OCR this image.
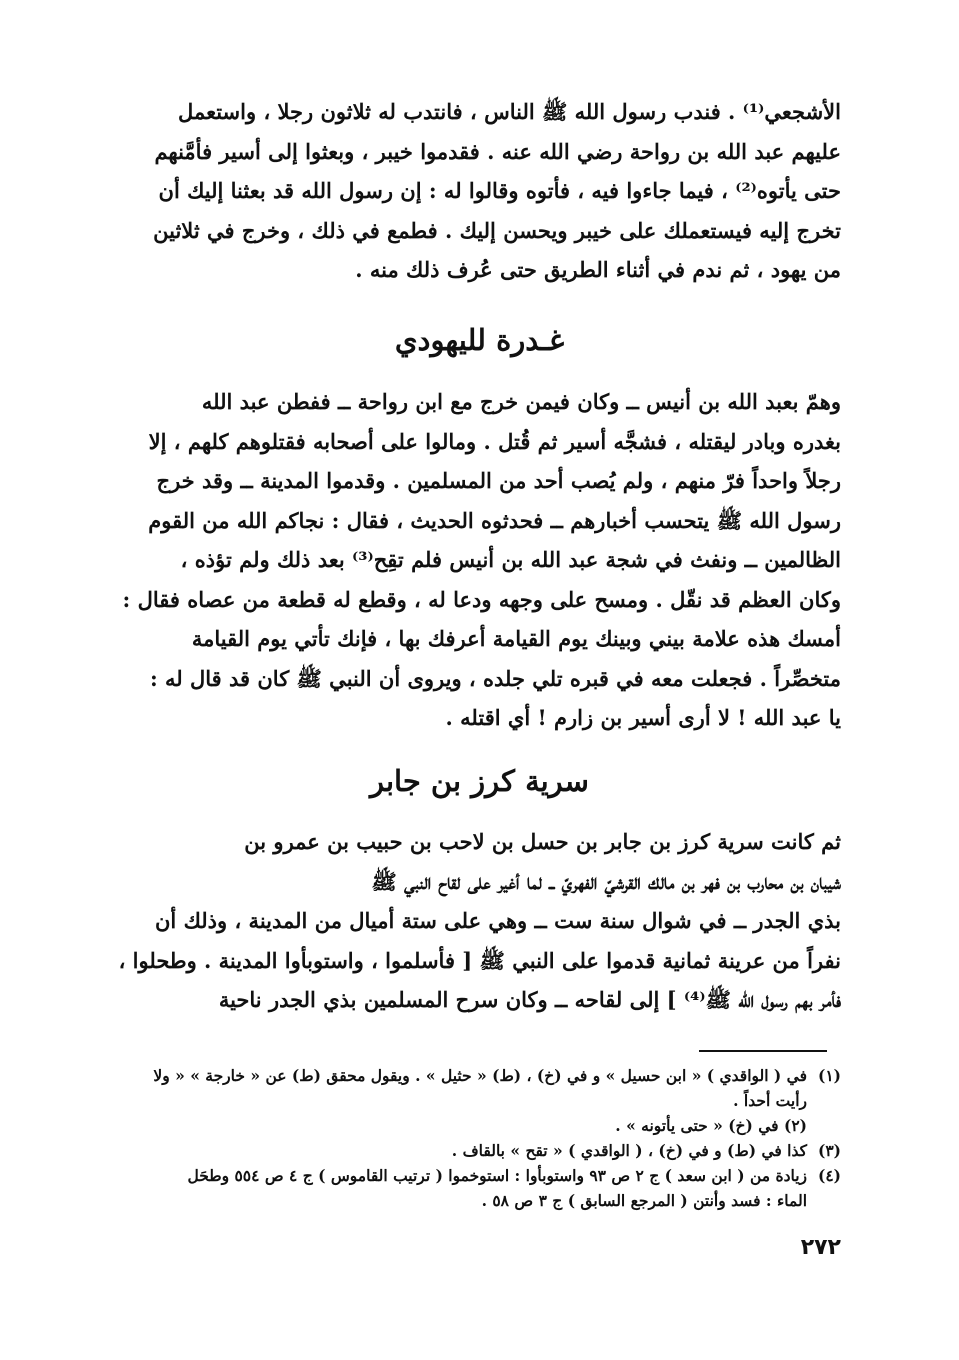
الأشجعي⁽¹⁾ . فندب رسول الله ﷺ الناس ، فانتدب له ثلاثون رجلا ، واستعمل
عليهم عبد الله بن رواحة رضي الله عنه . فقدموا خيبر ، وبعثوا إلى أسير فأمَّنهم
حتى يأتوه⁽²⁾ ، فيما جاءوا فيه ، فأتوه وقالوا له : إن رسول الله قد بعثنا إليك أن
تخرج إليه فيستعملك على خيبر ويحسن إليك . فطمع في ذلك ، وخرج في ثلاثين
من يهود ، ثم ندم في أثناء الطريق حتى عُرف ذلك منه .
غـدرة لليهودي
وهمّ بعبد الله بن أنيس ــ وكان فيمن خرج مع ابن رواحة ــ ففطن عبد الله
بغدره وبادر ليقتله ، فشجَّه أسير ثم قُتل . ومالوا على أصحابه فقتلوهم كلهم ، إلا
رجلاً واحداً فرّ منهم ، ولم يُصب أحد من المسلمين . وقدموا المدينة ــ وقد خرج
رسول الله ﷺ يتحسب أخبارهم ــ فحدثوه الحديث ، فقال : نجاكم الله من القوم
الظالمين ــ ونفث في شجة عبد الله بن أنيس فلم تقِح⁽³⁾ بعد ذلك ولم تؤذه ،
وكان العظم قد نقّل . ومسح على وجهه ودعا له ، وقطع له قطعة من عصاه فقال :
أمسك هذه علامة بيني وبينك يوم القيامة أعرفك بها ، فإنك تأتي يوم القيامة
متخصِّراً . فجعلت معه في قبره تلي جلده ، ويروى أن النبي ﷺ كان قد قال له :
يا عبد الله ! لا أرى أسير بن زارم ! أي اقتله .
سرية كرز بن جابر
ثم كانت سرية كرز بن جابر بن حسل بن لاحب بن حبيب بن عمرو بن
شيبان بن محارب بن فهر بن مالك القرشيّ الفهريّ ــ لما أغير على لقاح النبي ﷺ
بذي الجدر ــ في شوال سنة ست ــ وهي على ستة أميال من المدينة ، وذلك أن
نفراً من عرينة ثمانية قدموا على النبي ﷺ [ فأسلموا ، واستوبأوا المدينة . وطحلوا ،
فأمر بهم رسول الله ﷺ⁽⁴⁾ ] إلى لقاحه ــ وكان سرح المسلمين بذي الجدر ناحية
(١)في ( الواقدي ) « ابن حسيل » و في (خ) ، (ط) « حثيل » . ويقول محقق (ط) عن « خارجة » « ولا
رأيت أحداً .
(٢) في (خ) « حتى يأتونه » .
(٣)كذا في (ط) و في (خ) ، ( الواقدي ) « تقح » بالقاف .
(٤)زيادة من ( ابن سعد ) ج ٢ ص ٩٣ واستوبأوا : استوخموا ( ترتيب القاموس ) ج ٤ ص ٥٥٤ وطحَل
الماء : فسد وأنتن ( المرجع السابق ) ج ٣ ص ٥٨ .
٢٧٢
